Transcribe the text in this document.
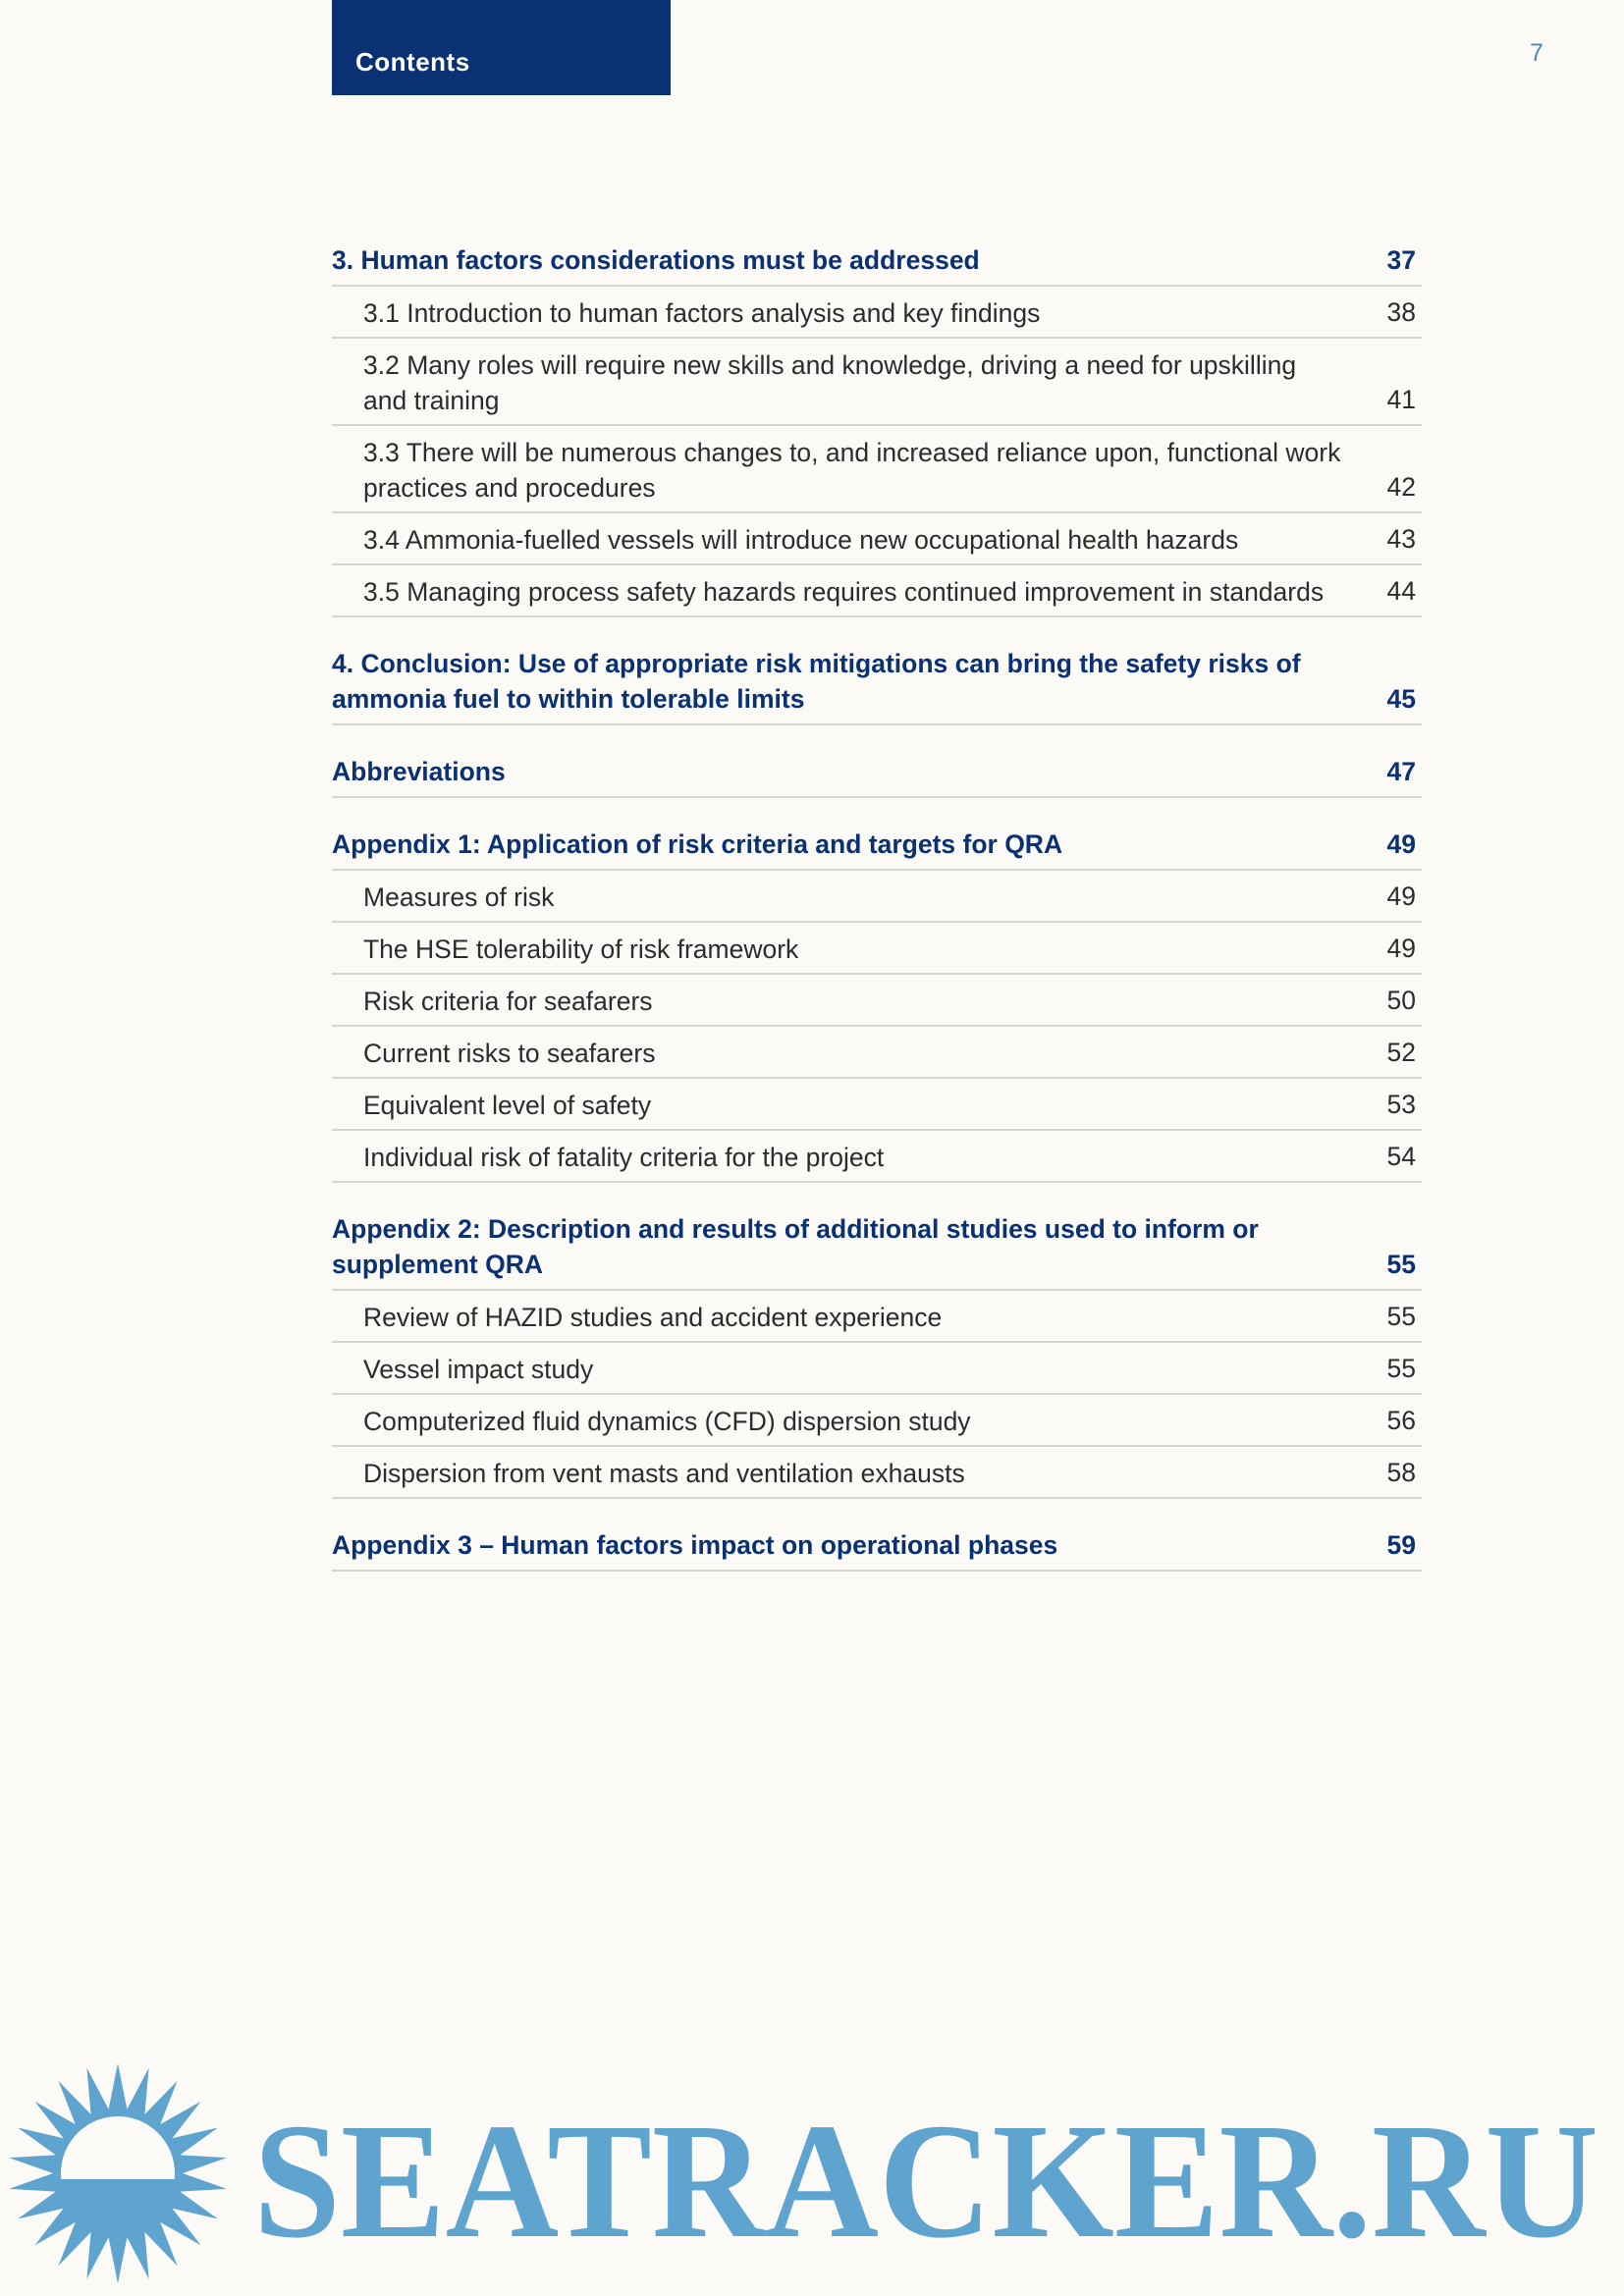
Contents	7
3. Human factors considerations must be addressed	37
3.1 Introduction to human factors analysis and key findings	38
3.2 Many roles will require new skills and knowledge, driving a need for upskilling and training	41
3.3 There will be numerous changes to, and increased reliance upon, functional work practices and procedures	42
3.4 Ammonia-fuelled vessels will introduce new occupational health hazards	43
3.5 Managing process safety hazards requires continued improvement in standards	44
4. Conclusion: Use of appropriate risk mitigations can bring the safety risks of ammonia fuel to within tolerable limits	45
Abbreviations	47
Appendix 1: Application of risk criteria and targets for QRA	49
Measures of risk	49
The HSE tolerability of risk framework	49
Risk criteria for seafarers	50
Current risks to seafarers	52
Equivalent level of safety	53
Individual risk of fatality criteria for the project	54
Appendix 2: Description and results of additional studies used to inform or supplement QRA	55
Review of HAZID studies and accident experience	55
Vessel impact study	55
Computerized fluid dynamics (CFD) dispersion study	56
Dispersion from vent masts and ventilation exhausts	58
Appendix 3 – Human factors impact on operational phases	59
SEATRACKER.RU
